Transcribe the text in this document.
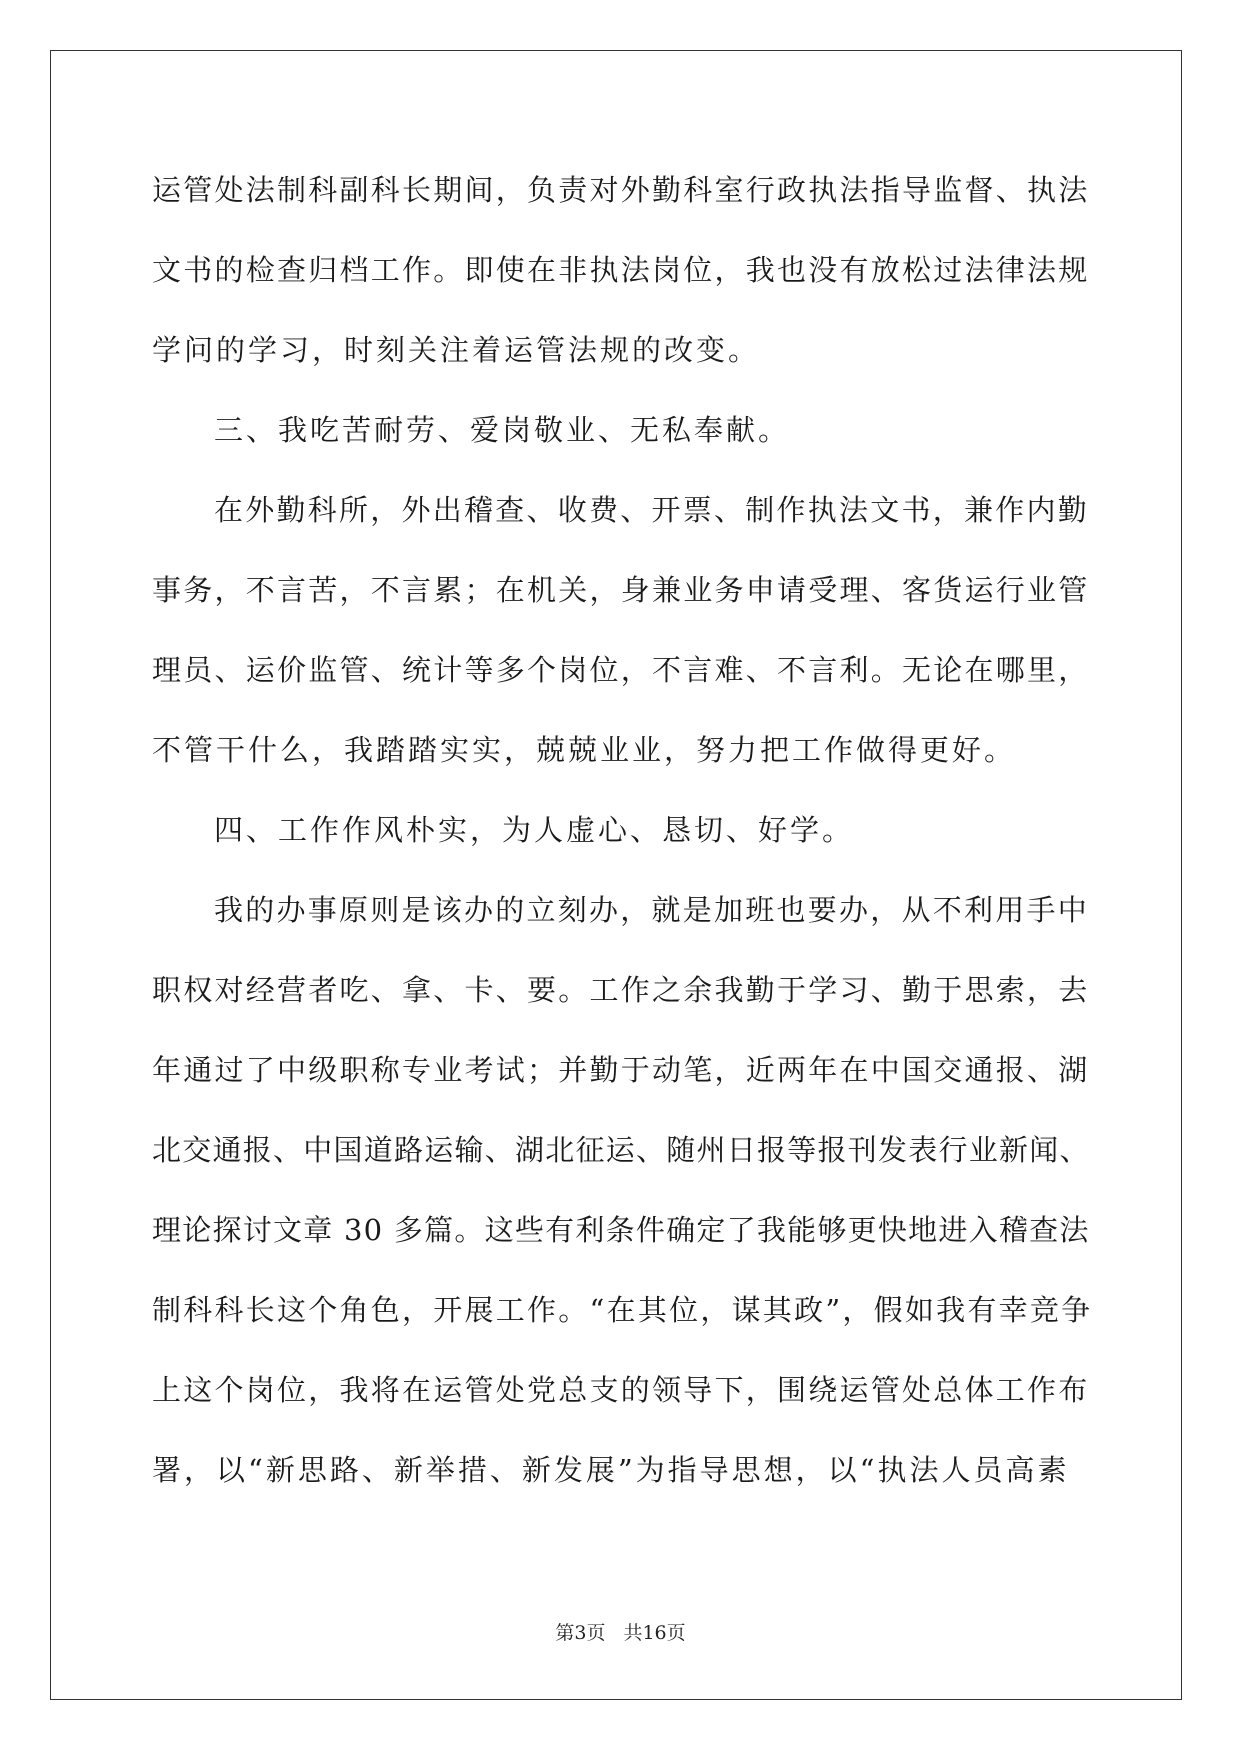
运管处法制科副科长期间，负责对外勤科室行政执法指导监督、执法
文书的检查归档工作。即使在非执法岗位，我也没有放松过法律法规
学问的学习，时刻关注着运管法规的改变。
三、我吃苦耐劳、爱岗敬业、无私奉献。
在外勤科所，外出稽查、收费、开票、制作执法文书，兼作内勤
事务，不言苦，不言累；在机关，身兼业务申请受理、客货运行业管
理员、运价监管、统计等多个岗位，不言难、不言利。无论在哪里，
不管干什么，我踏踏实实，兢兢业业，努力把工作做得更好。
四、工作作风朴实，为人虚心、恳切、好学。
我的办事原则是该办的立刻办，就是加班也要办，从不利用手中
职权对经营者吃、拿、卡、要。工作之余我勤于学习、勤于思索，去
年通过了中级职称专业考试；并勤于动笔，近两年在中国交通报、湖
北交通报、中国道路运输、湖北征运、随州日报等报刊发表行业新闻、
理论探讨文章 30 多篇。这些有利条件确定了我能够更快地进入稽查法
制科科长这个角色，开展工作。“在其位，谋其政”，假如我有幸竞争
上这个岗位，我将在运管处党总支的领导下，围绕运管处总体工作布
署，以“新思路、新举措、新发展”为指导思想，以“执法人员高素
第3页 共16页
